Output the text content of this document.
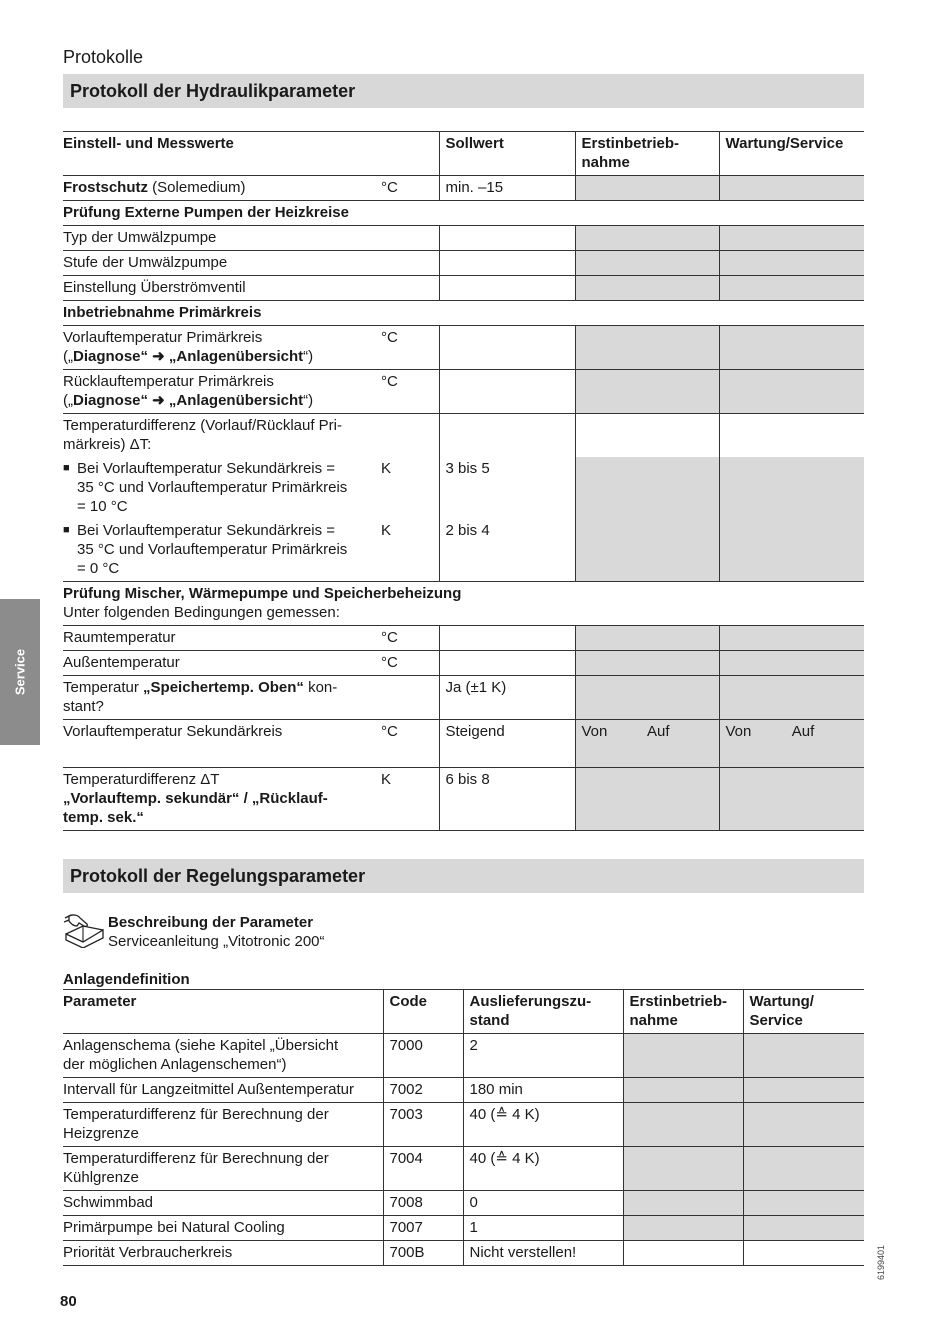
Protokolle
Protokoll der Hydraulikparameter
Service
Einstell- und Messwerte		Sollwert	Erstinbetrieb-
nahme	Wartung/Service
Frostschutz (Solemedium)	°C	min. –15		
Prüfung Externe Pumpen der Heizkreise				
Typ der Umwälzpumpe				
Stufe der Umwälzpumpe				
Einstellung Überströmventil				
Inbetriebnahme Primärkreis				

Vorlauftemperatur Primärkreis
(„Diagnose“ ➜ „Anlagenübersicht“)	°C			

Rücklauftemperatur Primärkreis
(„Diagnose“ ➜ „Anlagenübersicht“)	°C			
Temperaturdifferenz (Vorlauf/Rücklauf Pri-
märkreis) ΔT:				

■ Bei Vorlauftemperatur Sekundärkreis =
35 °C und Vorlauftemperatur Primärkreis
= 10 °C	K	3 bis 5		

■ Bei Vorlauftemperatur Sekundärkreis =
35 °C und Vorlauftemperatur Primärkreis
= 0 °C	K	2 bis 4		

Prüfung Mischer, Wärmepumpe und Speicherbeheizung
Unter folgenden Bedingungen gemessen:				

Raumtemperatur	°C			
Außentemperatur	°C			
Temperatur „Speichertemp. Oben“ kon-
stant?		Ja (±1 K)		
Vorlauftemperatur Sekundärkreis	°C	Steigend	Von Auf	Von Auf

Temperaturdifferenz ΔT
„Vorlauftemp. sekundär“ / „Rücklauf-
temp. sek.“	K	6 bis 8		
Protokoll der Regelungsparameter
Beschreibung der Parameter
Serviceanleitung „Vitotronic 200“
Anlagendefinition
Parameter	Code	Auslieferungszu-
stand	Erstinbetrieb-
nahme	Wartung/
Service
Anlagenschema (siehe Kapitel „Übersicht
der möglichen Anlagenschemen“)	7000	2		
Intervall für Langzeitmittel Außentemperatur	7002	180 min		
Temperaturdifferenz für Berechnung der
Heizgrenze	7003	40 (≙ 4 K)		
Temperaturdifferenz für Berechnung der
Kühlgrenze	7004	40 (≙ 4 K)		
Schwimmbad	7008	0		
Primärpumpe bei Natural Cooling	7007	1		
Priorität Verbraucherkreis	700B	Nicht verstellen!		
80
6199401
